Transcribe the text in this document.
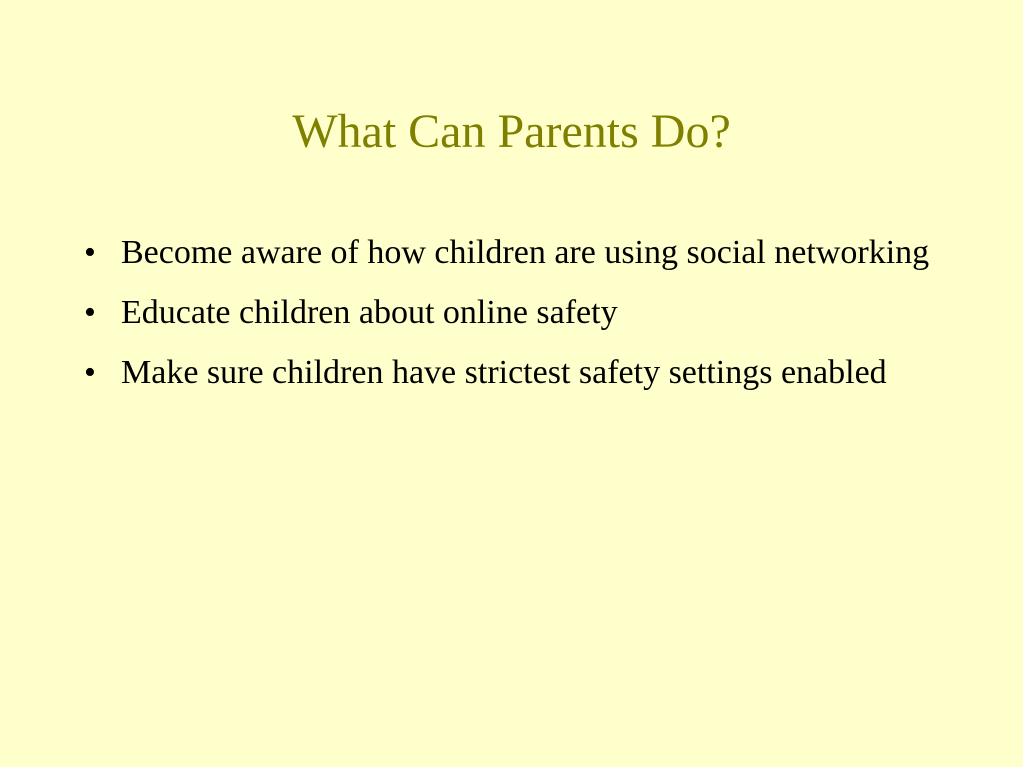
What Can Parents Do?
• Become aware of how children are using social networking
• Educate children about online safety
• Make sure children have strictest safety settings enabled
